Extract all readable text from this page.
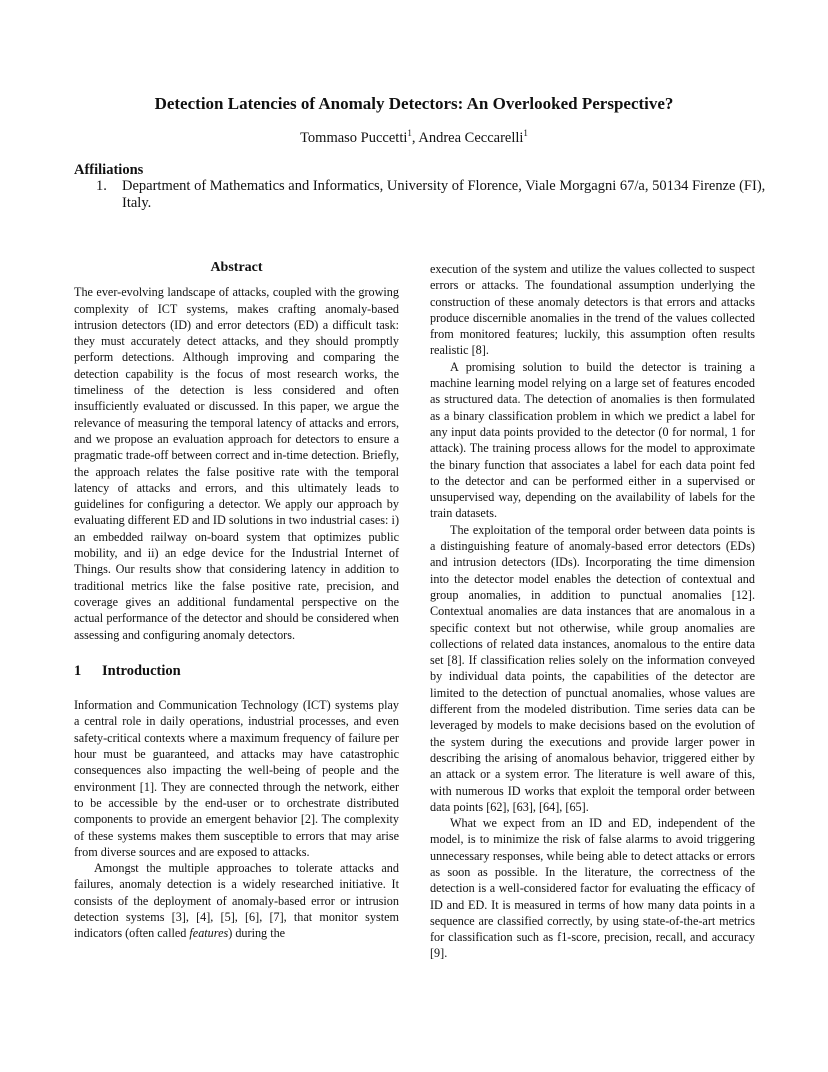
Detection Latencies of Anomaly Detectors: An Overlooked Perspective?
Tommaso Puccetti$^1$, Andrea Ceccarelli$^1$
Affiliations
1. Department of Mathematics and Informatics, University of Florence, Viale Morgagni 67/a, 50134 Firenze (FI), Italy.
Abstract

The ever-evolving landscape of attacks, coupled with the growing complexity of ICT systems, makes crafting anomaly-based intrusion detectors (ID) and error detectors (ED) a difficult task: they must accurately detect attacks, and they should promptly perform detections. Although improving and comparing the detection capability is the focus of most research works, the timeliness of the detection is less considered and often insufficiently evaluated or discussed. In this paper, we argue the relevance of measuring the temporal latency of attacks and errors, and we propose an evaluation approach for detectors to ensure a pragmatic trade-off between correct and in-time detection. Briefly, the approach relates the false positive rate with the temporal latency of attacks and errors, and this ultimately leads to guidelines for configuring a detector. We apply our approach by evaluating different ED and ID solutions in two industrial cases: i) an embedded railway on-board system that optimizes public mobility, and ii) an edge device for the Industrial Internet of Things. Our results show that considering latency in addition to traditional metrics like the false positive rate, precision, and coverage gives an additional fundamental perspective on the actual performance of the detector and should be considered when assessing and configuring anomaly detectors.

1 Introduction

Information and Communication Technology (ICT) systems play a central role in daily operations, industrial processes, and even safety-critical contexts where a maximum frequency of failure per hour must be guaranteed, and attacks may have catastrophic consequences also impacting the well-being of people and the environment [1]. They are connected through the network, either to be accessible by the end-user or to orchestrate distributed components to provide an emergent behavior [2]. The complexity of these systems makes them susceptible to errors that may arise from diverse sources and are exposed to attacks.

Amongst the multiple approaches to tolerate attacks and failures, anomaly detection is a widely researched initiative. It consists of the deployment of anomaly-based error or intrusion detection systems [3], [4], [5], [6], [7], that monitor system indicators (often called features) during the

execution of the system and utilize the values collected to suspect errors or attacks. The foundational assumption underlying the construction of these anomaly detectors is that errors and attacks produce discernible anomalies in the trend of the values collected from monitored features; luckily, this assumption often results realistic [8].

A promising solution to build the detector is training a machine learning model relying on a large set of features encoded as structured data. The detection of anomalies is then formulated as a binary classification problem in which we predict a label for any input data points provided to the detector (0 for normal, 1 for attack). The training process allows for the model to approximate the binary function that associates a label for each data point fed to the detector and can be performed either in a supervised or unsupervised way, depending on the availability of labels for the train datasets.

The exploitation of the temporal order between data points is a distinguishing feature of anomaly-based error detectors (EDs) and intrusion detectors (IDs). Incorporating the time dimension into the detector model enables the detection of contextual and group anomalies, in addition to punctual anomalies [12]. Contextual anomalies are data instances that are anomalous in a specific context but not otherwise, while group anomalies are collections of related data instances, anomalous to the entire data set [8]. If classification relies solely on the information conveyed by individual data points, the capabilities of the detector are limited to the detection of punctual anomalies, whose values are different from the modeled distribution. Time series data can be leveraged by models to make decisions based on the evolution of the system during the executions and provide larger power in describing the arising of anomalous behavior, triggered either by an attack or a system error. The literature is well aware of this, with numerous ID works that exploit the temporal order between data points [62], [63], [64], [65].

What we expect from an ID and ED, independent of the model, is to minimize the risk of false alarms to avoid triggering unnecessary responses, while being able to detect attacks or errors as soon as possible. In the literature, the correctness of the detection is a well-considered factor for evaluating the efficacy of ID and ED. It is measured in terms of how many data points in a sequence are classified correctly, by using state-of-the-art metrics for classification such as f1-score, precision, recall, and accuracy [9].
